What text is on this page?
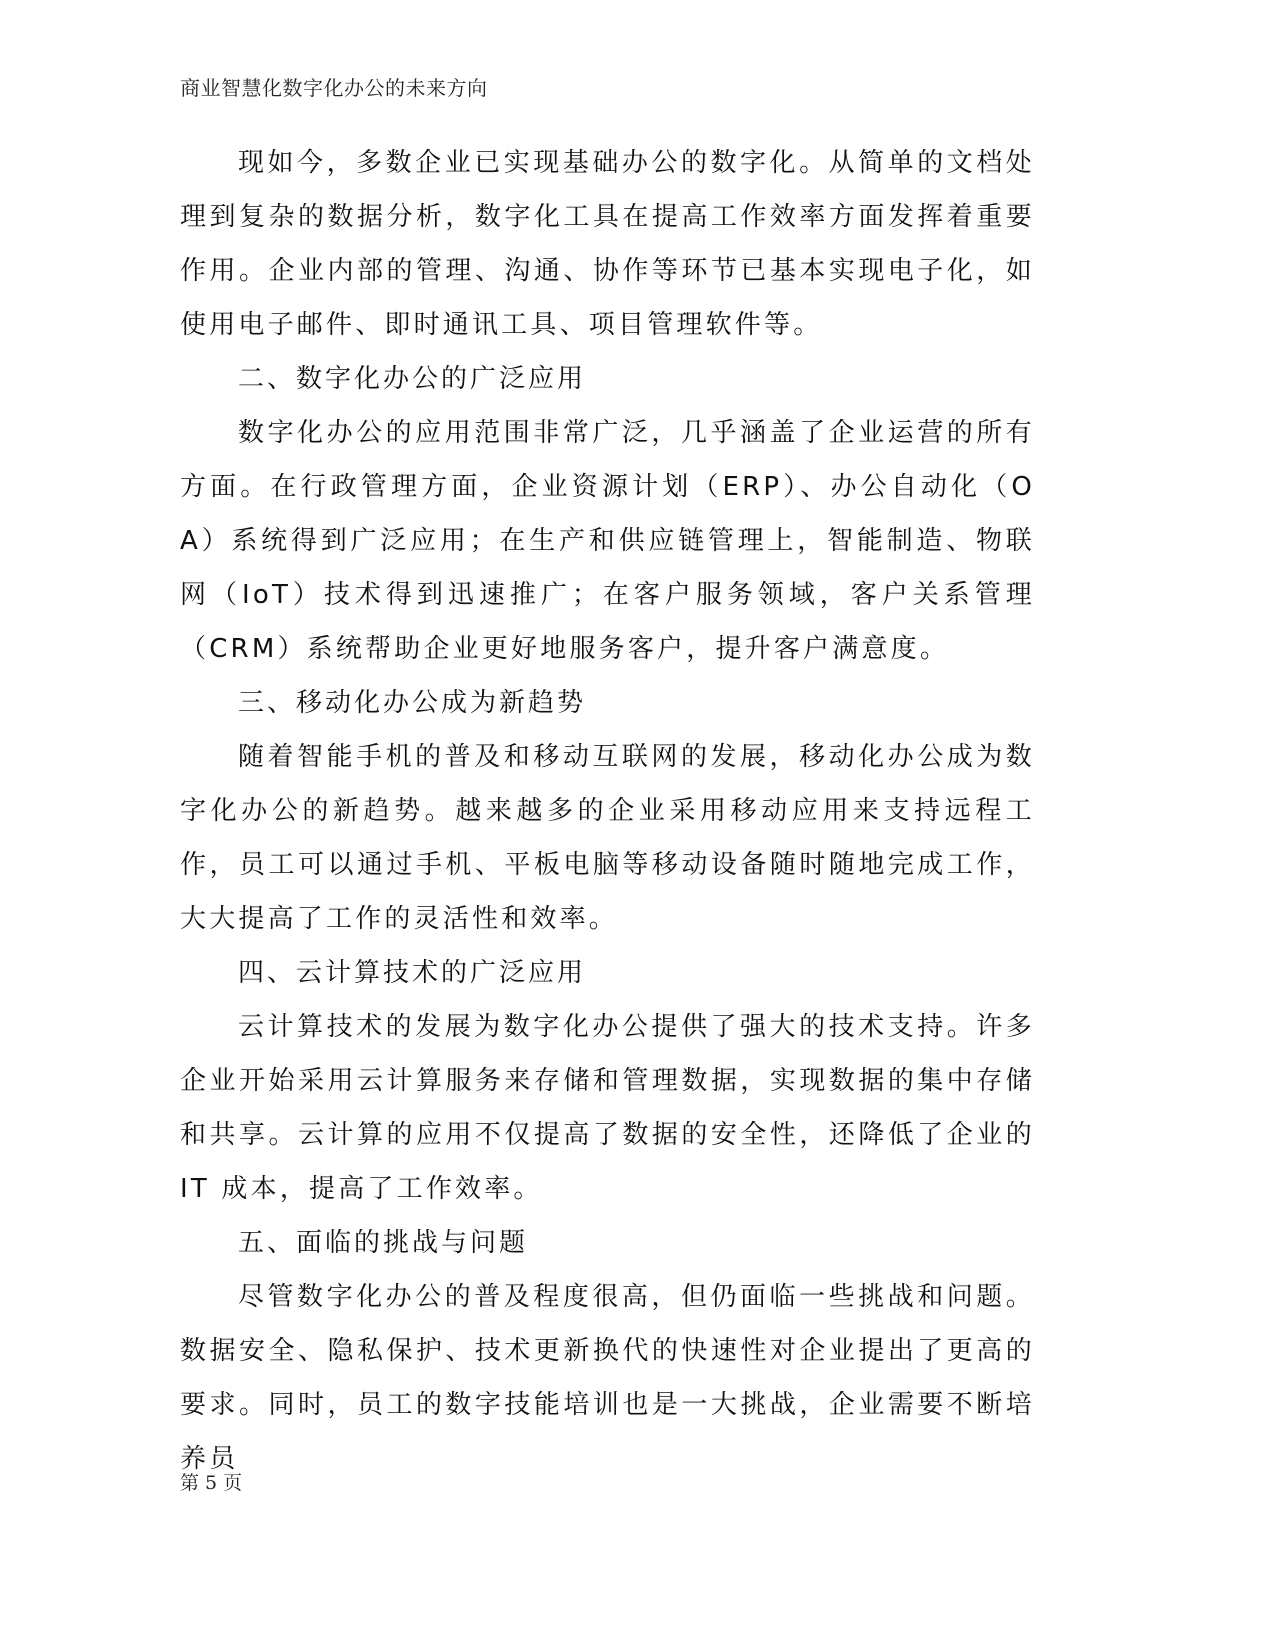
商业智慧化数字化办公的未来方向

现如今，多数企业已实现基础办公的数字化。从简单的文档处理到复杂的数据分析，数字化工具在提高工作效率方面发挥着重要作用。企业内部的管理、沟通、协作等环节已基本实现电子化，如使用电子邮件、即时通讯工具、项目管理软件等。

二、数字化办公的广泛应用

数字化办公的应用范围非常广泛，几乎涵盖了企业运营的所有方面。在行政管理方面，企业资源计划（ERP）、办公自动化（OA）系统得到广泛应用；在生产和供应链管理上，智能制造、物联网（IoT）技术得到迅速推广；在客户服务领域，客户关系管理（CRM）系统帮助企业更好地服务客户，提升客户满意度。

三、移动化办公成为新趋势

随着智能手机的普及和移动互联网的发展，移动化办公成为数字化办公的新趋势。越来越多的企业采用移动应用来支持远程工作，员工可以通过手机、平板电脑等移动设备随时随地完成工作，大大提高了工作的灵活性和效率。

四、云计算技术的广泛应用

云计算技术的发展为数字化办公提供了强大的技术支持。许多企业开始采用云计算服务来存储和管理数据，实现数据的集中存储和共享。云计算的应用不仅提高了数据的安全性，还降低了企业的 IT 成本，提高了工作效率。

五、面临的挑战与问题

尽管数字化办公的普及程度很高，但仍面临一些挑战和问题。数据安全、隐私保护、技术更新换代的快速性对企业提出了更高的要求。同时，员工的数字技能培训也是一大挑战，企业需要不断培养员

第 5 页
